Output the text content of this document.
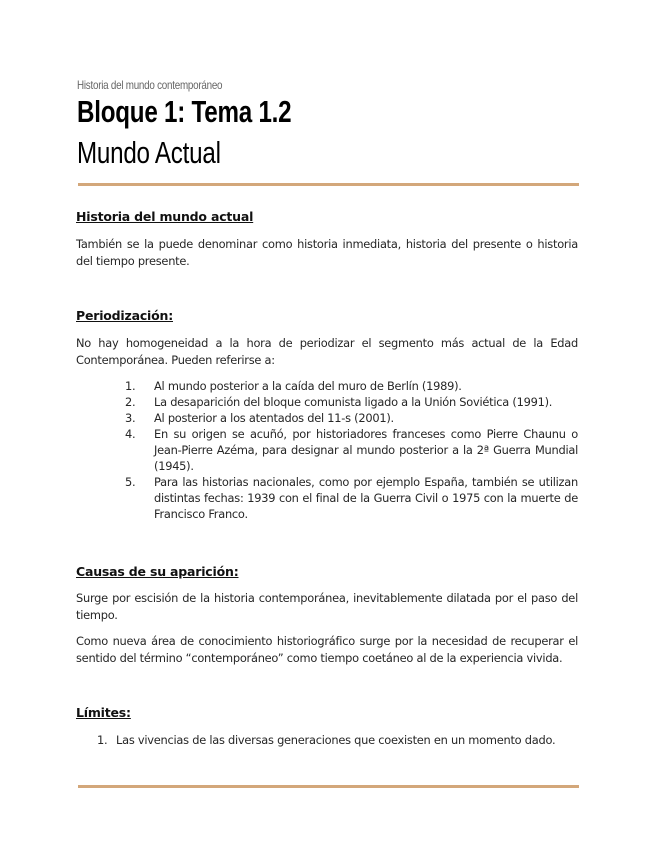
Historia del mundo contemporáneo
Bloque 1: Tema 1.2
Mundo Actual
Historia del mundo actual
También se la puede denominar como historia inmediata, historia del presente o historia del tiempo presente.
Periodización:
No hay homogeneidad a la hora de periodizar el segmento más actual de la Edad Contemporánea. Pueden referirse a:
1. Al mundo posterior a la caída del muro de Berlín (1989).
2. La desaparición del bloque comunista ligado a la Unión Soviética (1991).
3. Al posterior a los atentados del 11-s (2001).
4. En su origen se acuñó, por historiadores franceses como Pierre Chaunu o Jean-Pierre Azéma, para designar al mundo posterior a la 2ª Guerra Mundial (1945).
5. Para las historias nacionales, como por ejemplo España, también se utilizan distintas fechas: 1939 con el final de la Guerra Civil o 1975 con la muerte de Francisco Franco.
Causas de su aparición:
Surge por escisión de la historia contemporánea, inevitablemente dilatada por el paso del tiempo.
Como nueva área de conocimiento historiográfico surge por la necesidad de recuperar el sentido del término “contemporáneo” como tiempo coetáneo al de la experiencia vivida.
Límites:
1. Las vivencias de las diversas generaciones que coexisten en un momento dado.
